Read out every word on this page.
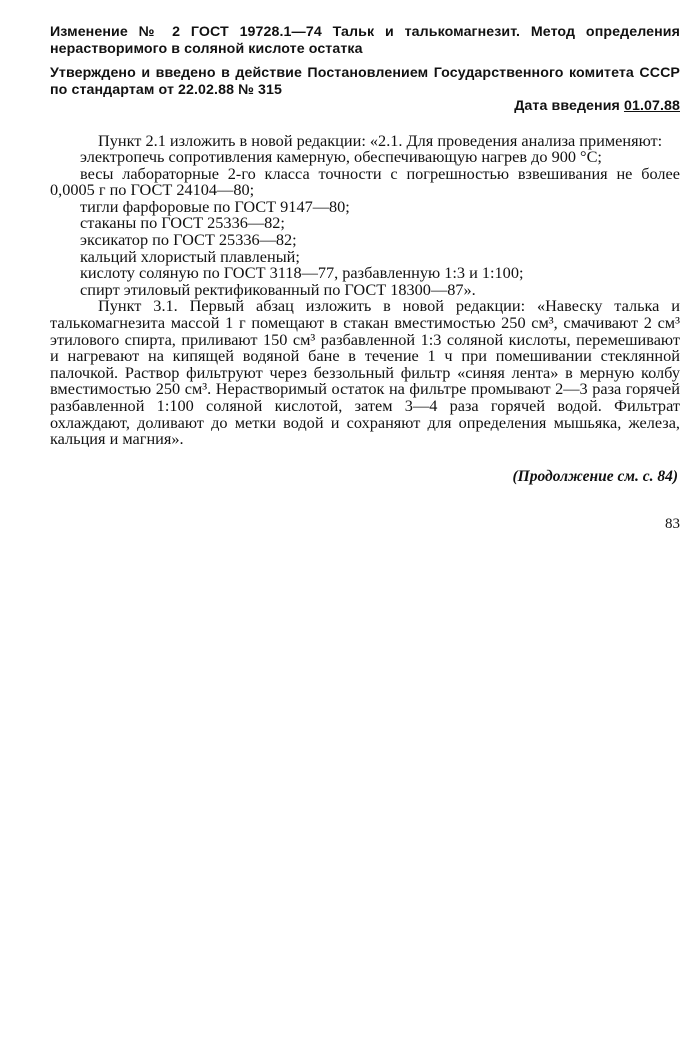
Изменение № 2 ГОСТ 19728.1—74 Тальк и талькомагнезит. Метод определения нерастворимого в соляной кислоте остатка
Утверждено и введено в действие Постановлением Государственного комитета СССР по стандартам от 22.02.88 № 315
Дата введения 01.07.88

Пункт 2.1 изложить в новой редакции: «2.1. Для проведения анализа применяют:

электропечь сопротивления камерную, обеспечивающую нагрев до 900 °С;

весы лабораторные 2-го класса точности с погрешностью взвешивания не более 0,0005 г по ГОСТ 24104—80;

тигли фарфоровые по ГОСТ 9147—80;

стаканы по ГОСТ 25336—82;

эксикатор по ГОСТ 25336—82;

кальций хлористый плавленый;

кислоту соляную по ГОСТ 3118—77, разбавленную 1:3 и 1:100;

спирт этиловый ректификованный по ГОСТ 18300—87».

Пункт 3.1. Первый абзац изложить в новой редакции: «Навеску талька и талькомагнезита массой 1 г помещают в стакан вместимостью 250 см³, смачивают 2 см³ этилового спирта, приливают 150 см³ разбавленной 1:3 соляной кислоты, перемешивают и нагревают на кипящей водяной бане в течение 1 ч при помешивании стеклянной палочкой. Раствор фильтруют через беззольный фильтр «синяя лента» в мерную колбу вместимостью 250 см³. Нерастворимый остаток на фильтре промывают 2—3 раза горячей разбавленной 1:100 соляной кислотой, затем 3—4 раза горячей водой. Фильтрат охлаждают, доливают до метки водой и сохраняют для определения мышьяка, железа, кальция и магния».

(Продолжение см. с. 84)
83
